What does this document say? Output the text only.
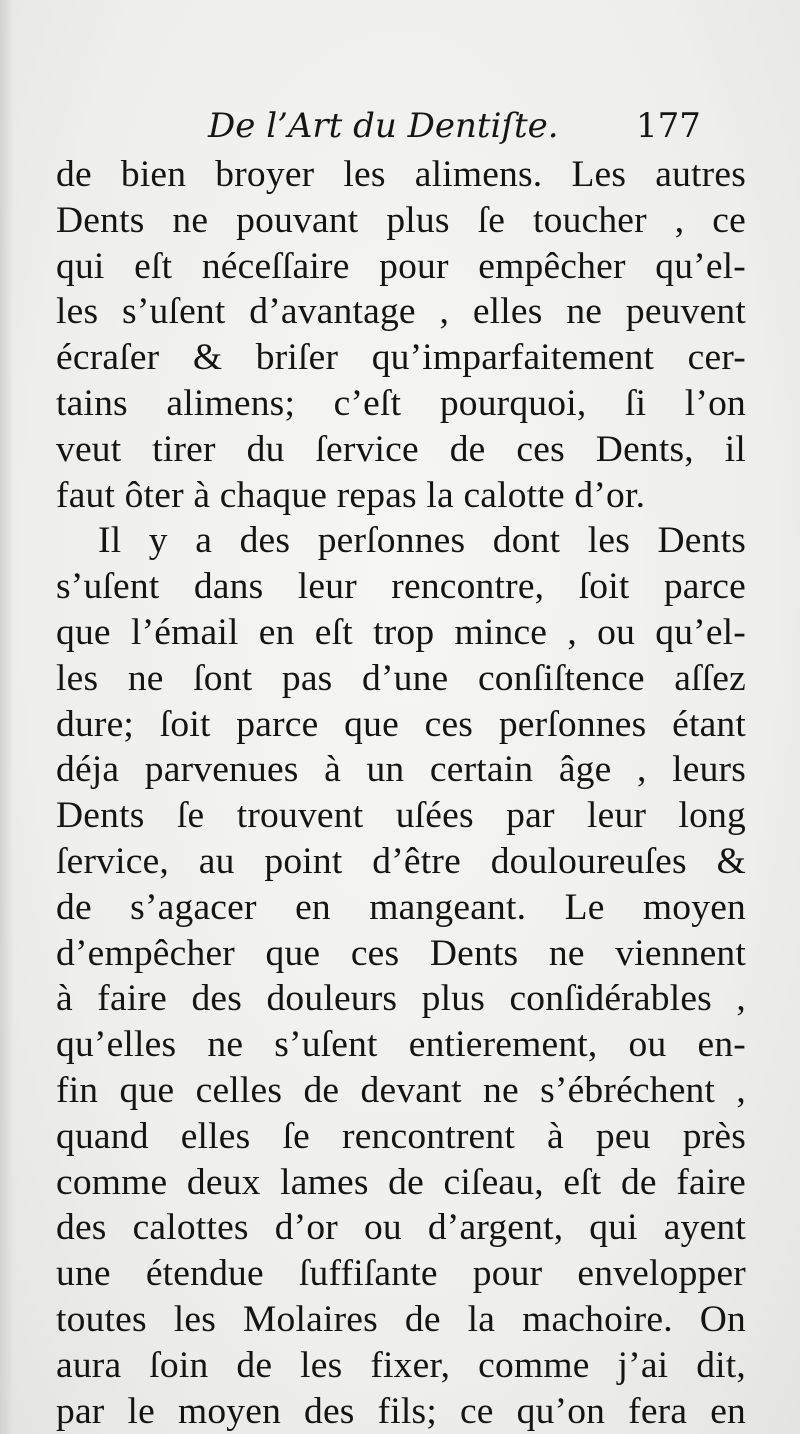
De l’Art du Dentiſte. 177
de bien broyer les alimens. Les autres
Dents ne pouvant plus ſe toucher , ce
qui eſt néceſſaire pour empêcher qu’el-
les s’uſent d’avantage , elles ne peuvent
écraſer & briſer qu’imparfaitement cer-
tains alimens; c’eſt pourquoi, ſi l’on
veut tirer du ſervice de ces Dents, il
faut ôter à chaque repas la calotte d’or.
Il y a des perſonnes dont les Dents
s’uſent dans leur rencontre, ſoit parce
que l’émail en eſt trop mince , ou qu’el-
les ne ſont pas d’une conſiſtence aſſez
dure; ſoit parce que ces perſonnes étant
déja parvenues à un certain âge , leurs
Dents ſe trouvent uſées par leur long
ſervice, au point d’être douloureuſes &
de s’agacer en mangeant. Le moyen
d’empêcher que ces Dents ne viennent
à faire des douleurs plus conſidérables ,
qu’elles ne s’uſent entierement, ou en-
fin que celles de devant ne s’ébréchent ,
quand elles ſe rencontrent à peu près
comme deux lames de ciſeau, eſt de faire
des calottes d’or ou d’argent, qui ayent
une étendue ſuffiſante pour envelopper
toutes les Molaires de la machoire. On
aura ſoin de les fixer, comme j’ai dit,
par le moyen des fils; ce qu’on fera en
